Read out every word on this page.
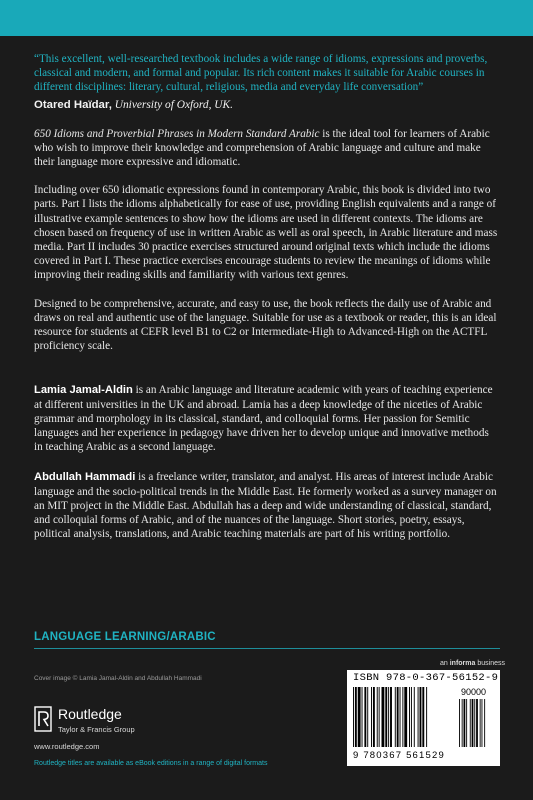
“This excellent, well-researched textbook includes a wide range of idioms, expressions and proverbs, classical and modern, and formal and popular. Its rich content makes it suitable for Arabic courses in different disciplines: literary, cultural, religious, media and everyday life conversation”

Otared Haïdar, University of Oxford, UK.

650 Idioms and Proverbial Phrases in Modern Standard Arabic is the ideal tool for learners of Arabic who wish to improve their knowledge and comprehension of Arabic language and culture and make their language more expressive and idiomatic.

Including over 650 idiomatic expressions found in contemporary Arabic, this book is divided into two parts. Part I lists the idioms alphabetically for ease of use, providing English equivalents and a range of illustrative example sentences to show how the idioms are used in different contexts. The idioms are chosen based on frequency of use in written Arabic as well as oral speech, in Arabic literature and mass media. Part II includes 30 practice exercises structured around original texts which include the idioms covered in Part I. These practice exercises encourage students to review the meanings of idioms while improving their reading skills and familiarity with various text genres.

Designed to be comprehensive, accurate, and easy to use, the book reflects the daily use of Arabic and draws on real and authentic use of the language. Suitable for use as a textbook or reader, this is an ideal resource for students at CEFR level B1 to C2 or Intermediate-High to Advanced-High on the ACTFL proficiency scale.

Lamia Jamal-Aldin is an Arabic language and literature academic with years of teaching experience at different universities in the UK and abroad. Lamia has a deep knowledge of the niceties of Arabic grammar and morphology in its classical, standard, and colloquial forms. Her passion for Semitic languages and her experience in pedagogy have driven her to develop unique and innovative methods in teaching Arabic as a second language.

Abdullah Hammadi is a freelance writer, translator, and analyst. His areas of interest include Arabic language and the socio-political trends in the Middle East. He formerly worked as a survey manager on an MIT project in the Middle East. Abdullah has a deep and wide understanding of classical, standard, and colloquial forms of Arabic, and of the nuances of the language. Short stories, poetry, essays, political analysis, translations, and Arabic teaching materials are part of his writing portfolio.

LANGUAGE LEARNING/ARABIC
Cover image © Lamia Jamal-Aldin and Abdullah Hammadi
an informa business
Routledge
Taylor & Francis Group
www.routledge.com
Routledge titles are available as eBook editions in a range of digital formats
ISBN 978-0-367-56152-9
90000
9 780367 561529
